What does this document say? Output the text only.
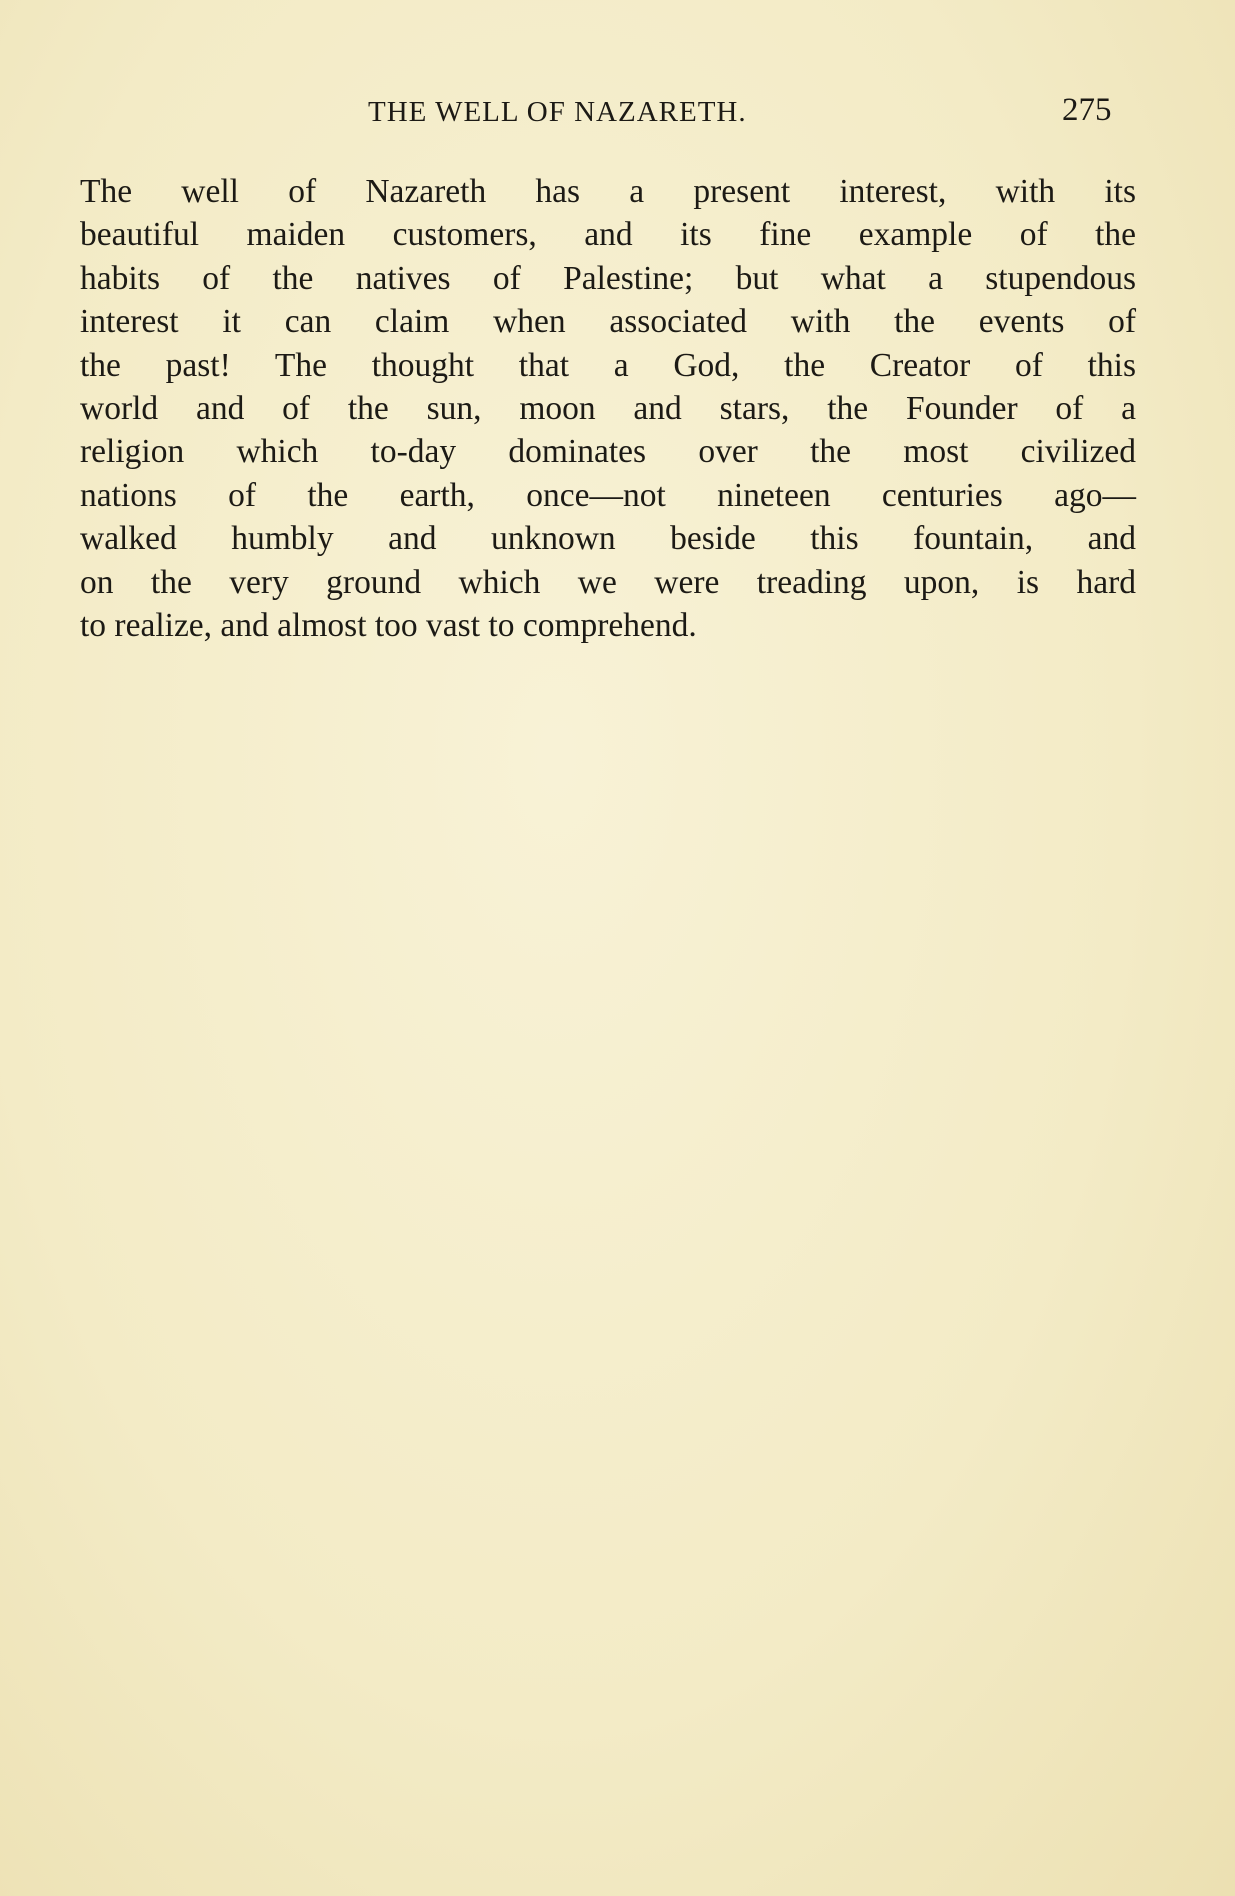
THE WELL OF NAZARETH.	275
The well of Nazareth has a present interest, with its
beautiful maiden customers, and its fine example of the
habits of the natives of Palestine; but what a stupendous
interest it can claim when associated with the events of
the past! The thought that a God, the Creator of this
world and of the sun, moon and stars, the Founder of a
religion which to-day dominates over the most civilized
nations of the earth, once—not nineteen centuries ago—
walked humbly and unknown beside this fountain, and
on the very ground which we were treading upon, is hard
to realize, and almost too vast to comprehend.
